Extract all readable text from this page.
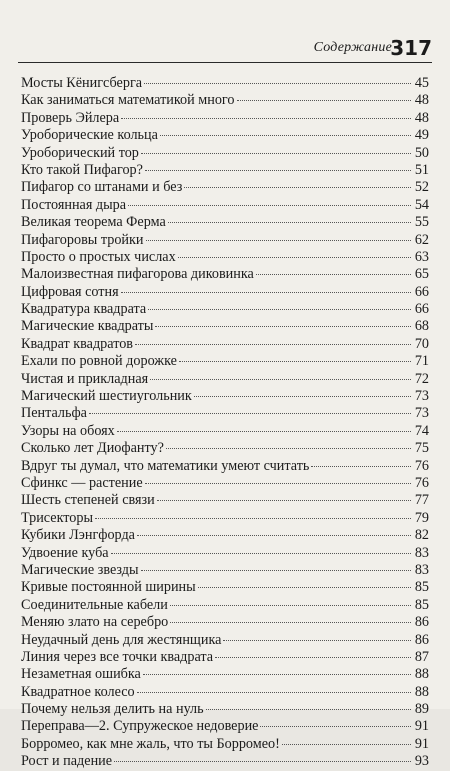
Содержание
317
Мосты Кёнигсберга	45
Как заниматься математикой много	48
Проверь Эйлера	48
Уроборические кольца	49
Уроборический тор	50
Кто такой Пифагор?	51
Пифагор со штанами и без	52
Постоянная дыра	54
Великая теорема Ферма	55
Пифагоровы тройки	62
Просто о простых числах	63
Малоизвестная пифагорова диковинка	65
Цифровая сотня	66
Квадратура квадрата	66
Магические квадраты	68
Квадрат квадратов	70
Ехали по ровной дорожке	71
Чистая и прикладная	72
Магический шестиугольник	73
Пентальфа	73
Узоры на обоях	74
Сколько лет Диофанту?	75
Вдруг ты думал, что математики умеют считать	76
Сфинкс — растение	76
Шесть степеней связи	77
Трисекторы	79
Кубики Лэнгфорда	82
Удвоение куба	83
Магические звезды	83
Кривые постоянной ширины	85
Соединительные кабели	85
Меняю злато на серебро	86
Неудачный день для жестянщика	86
Линия через все точки квадрата	87
Незаметная ошибка	88
Квадратное колесо	88
Почему нельзя делить на нуль	89
Переправа—2. Супружеское недоверие	91
Борромео, как мне жаль, что ты Борромео!	91
Рост и падение	93
